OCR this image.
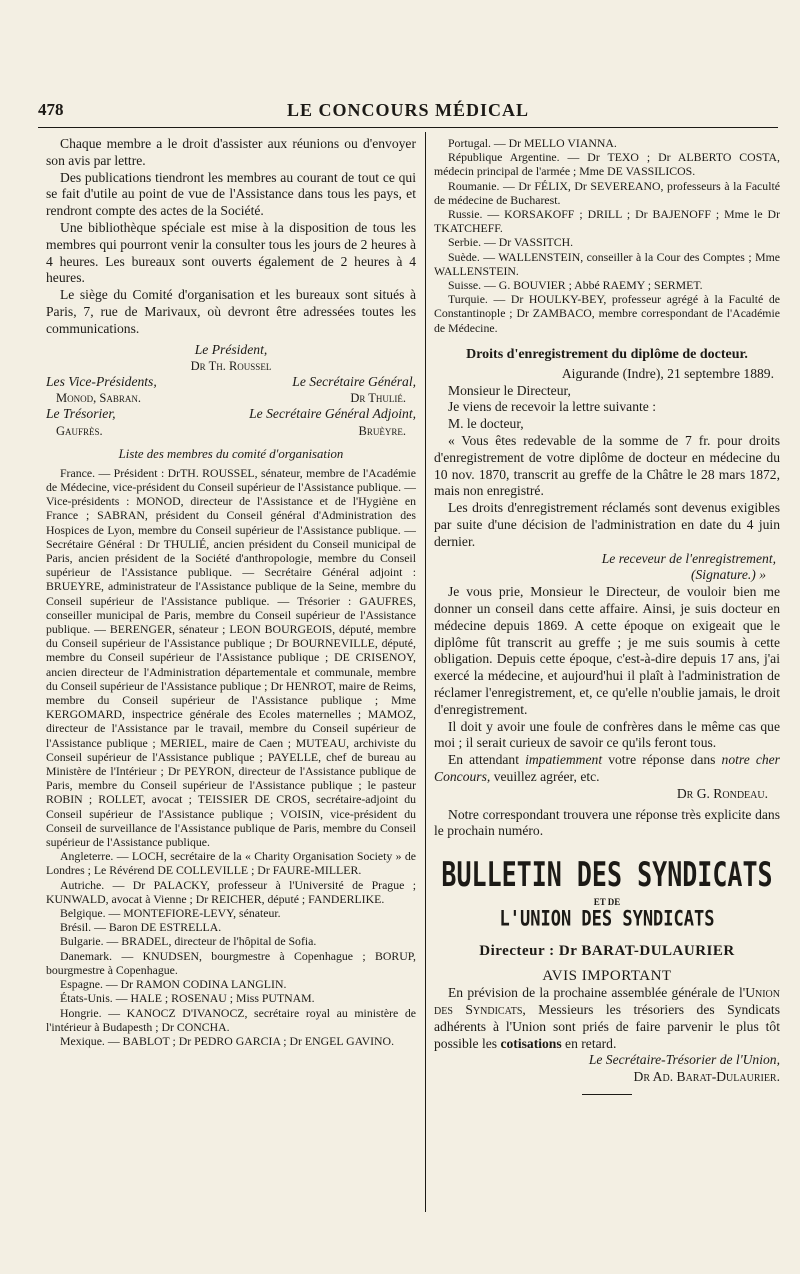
478	LE CONCOURS MÉDICAL

Chaque membre a le droit d'assister aux réunions ou d'envoyer son avis par lettre.

Des publications tiendront les membres au courant de tout ce qui se fait d'utile au point de vue de l'Assistance dans tous les pays, et rendront compte des actes de la Société.

Une bibliothèque spéciale est mise à la disposition de tous les membres qui pourront venir la consulter tous les jours de 2 heures à 4 heures. Les bureaux sont ouverts également de 2 heures à 4 heures.

Le siège du Comité d'organisation et les bureaux sont situés à Paris, 7, rue de Marivaux, où devront être adressées toutes les communications.

Le Président,
Dr Th. Roussel
Les Vice-Présidents,	Le Secrétaire Général,
Monod, Sabran.	Dr Thulié.
Le Trésorier,	Le Secrétaire Général Adjoint,
Gaufrès.	Bruèyre.
Liste des membres du comité d'organisation

France. — Président : DrTH. ROUSSEL, sénateur, membre de l'Académie de Médecine, vice-président du Conseil supérieur de l'Assistance publique. — Vice-présidents : MONOD, directeur de l'Assistance et de l'Hygiène en France ; SABRAN, président du Conseil général d'Administration des Hospices de Lyon, membre du Conseil supérieur de l'Assistance publique. — Secrétaire Général : Dr THULIÉ, ancien président du Conseil municipal de Paris, ancien président de la Société d'anthropologie, membre du Conseil supérieur de l'Assistance publique. — Secrétaire Général adjoint : BRUEYRE, administrateur de l'Assistance publique de la Seine, membre du Conseil supérieur de l'Assistance publique. — Trésorier : GAUFRES, conseiller municipal de Paris, membre du Conseil supérieur de l'Assistance publique. — BERENGER, sénateur ; LEON BOURGEOIS, député, membre du Conseil supérieur de l'Assistance publique ; Dr BOURNEVILLE, député, membre du Conseil supérieur de l'Assistance publique ; DE CRISENOY, ancien directeur de l'Administration départementale et communale, membre du Conseil supérieur de l'Assistance publique ; Dr HENROT, maire de Reims, membre du Conseil supérieur de l'Assistance publique ; Mme KERGOMARD, inspectrice générale des Ecoles maternelles ; MAMOZ, directeur de l'Assistance par le travail, membre du Conseil supérieur de l'Assistance publique ; MERIEL, maire de Caen ; MUTEAU, archiviste du Conseil supérieur de l'Assistance publique ; PAYELLE, chef de bureau au Ministère de l'Intérieur ; Dr PEYRON, directeur de l'Assistance publique de Paris, membre du Conseil supérieur de l'Assistance publique ; le pasteur ROBIN ; ROLLET, avocat ; TEISSIER DE CROS, secrétaire-adjoint du Conseil supérieur de l'Assistance publique ; VOISIN, vice-président du Conseil de surveillance de l'Assistance publique de Paris, membre du Conseil supérieur de l'Assistance publique.

Angleterre. — LOCH, secrétaire de la « Charity Organisation Society » de Londres ; Le Révérend DE COLLEVILLE ; Dr FAURE-MILLER.

Autriche. — Dr PALACKY, professeur à l'Université de Prague ; KUNWALD, avocat à Vienne ; Dr REICHER, député ; FANDERLIKE.

Belgique. — MONTEFIORE-LEVY, sénateur.

Brésil. — Baron DE ESTRELLA.

Bulgarie. — BRADEL, directeur de l'hôpital de Sofia.

Danemark. — KNUDSEN, bourgmestre à Copenhague ; BORUP, bourgmestre à Copenhague.

Espagne. — Dr RAMON CODINA LANGLIN.

États-Unis. — HALE ; ROSENAU ; Miss PUTNAM.

Hongrie. — KANOCZ D'IVANOCZ, secrétaire royal au ministère de l'intérieur à Budapesth ; Dr CONCHA.

Mexique. — BABLOT ; Dr PEDRO GARCIA ; Dr ENGEL GAVINO.

Portugal. — Dr MELLO VIANNA.

République Argentine. — Dr TEXO ; Dr ALBERTO COSTA, médecin principal de l'armée ; Mme DE VASSILICOS.

Roumanie. — Dr FÉLIX, Dr SEVEREANO, professeurs à la Faculté de médecine de Bucharest.

Russie. — KORSAKOFF ; DRILL ; Dr BAJENOFF ; Mme le Dr TKATCHEFF.

Serbie. — Dr VASSITCH.

Suède. — WALLENSTEIN, conseiller à la Cour des Comptes ; Mme WALLENSTEIN.

Suisse. — G. BOUVIER ; Abbé RAEMY ; SERMET.

Turquie. — Dr HOULKY-BEY, professeur agrégé à la Faculté de Constantinople ; Dr ZAMBACO, membre correspondant de l'Académie de Médecine.

Droits d'enregistrement du diplôme de docteur.

Aigurande (Indre), 21 septembre 1889.

Monsieur le Directeur,

Je viens de recevoir la lettre suivante :

M. le docteur,

« Vous êtes redevable de la somme de 7 fr. pour droits d'enregistrement de votre diplôme de docteur en médecine du 10 nov. 1870, transcrit au greffe de la Châtre le 28 mars 1872, mais non enregistré.

Les droits d'enregistrement réclamés sont devenus exigibles par suite d'une décision de l'administration en date du 4 juin dernier.

Le receveur de l'enregistrement,

(Signature.) »

Je vous prie, Monsieur le Directeur, de vouloir bien me donner un conseil dans cette affaire. Ainsi, je suis docteur en médecine depuis 1869. A cette époque on exigeait que le diplôme fût transcrit au greffe ; je me suis soumis à cette obligation. Depuis cette époque, c'est-à-dire depuis 17 ans, j'ai exercé la médecine, et aujourd'hui il plaît à l'administration de réclamer l'enregistrement, et, ce qu'elle n'oublie jamais, le droit d'enregistrement.

Il doit y avoir une foule de confrères dans le même cas que moi ; il serait curieux de savoir ce qu'ils feront tous.

En attendant impatiemment votre réponse dans notre cher Concours, veuillez agréer, etc.

Dr G. Rondeau.

Notre correspondant trouvera une réponse très explicite dans le prochain numéro.

BULLETIN DES SYNDICATS
ET DE
L'UNION DES SYNDICATS
Directeur : Dr BARAT-DULAURIER
AVIS IMPORTANT

En prévision de la prochaine assemblée générale de l'Union des Syndicats, Messieurs les trésoriers des Syndicats adhérents à l'Union sont priés de faire parvenir le plus tôt possible les cotisations en retard.

Le Secrétaire-Trésorier de l'Union,

Dr Ad. Barat-Dulaurier.
